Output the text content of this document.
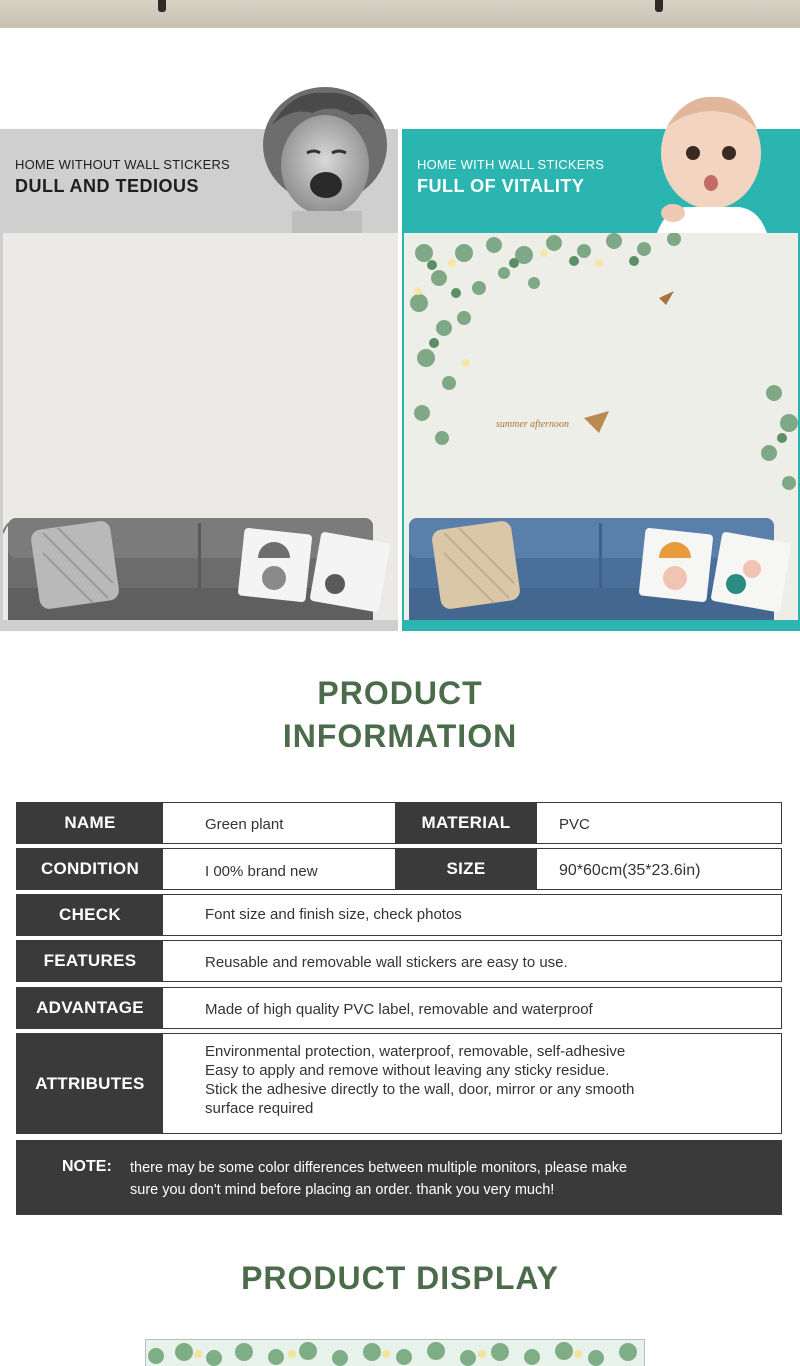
HOME WITHOUT WALL STICKERS
DULL AND TEDIOUS
HOME WITH WALL STICKERS
FULL OF VITALITY
summer afternoon
PRODUCT
INFORMATION
NAME	Green plant	MATERIAL	PVC
CONDITION	I 00% brand new	SIZE	90*60cm(35*23.6in)
CHECK	Font size and finish size, check photos
FEATURES	Reusable and removable wall stickers are easy to use.
ADVANTAGE	Made of high quality PVC label, removable and waterproof
ATTRIBUTES
Environmental protection, waterproof, removable, self-adhesive
Easy to apply and remove without leaving any sticky residue.
Stick the adhesive directly to the wall, door, mirror or any smooth
surface required
NOTE: there may be some color differences between multiple monitors, please make
sure you don't mind before placing an order. thank you very much!
PRODUCT DISPLAY
